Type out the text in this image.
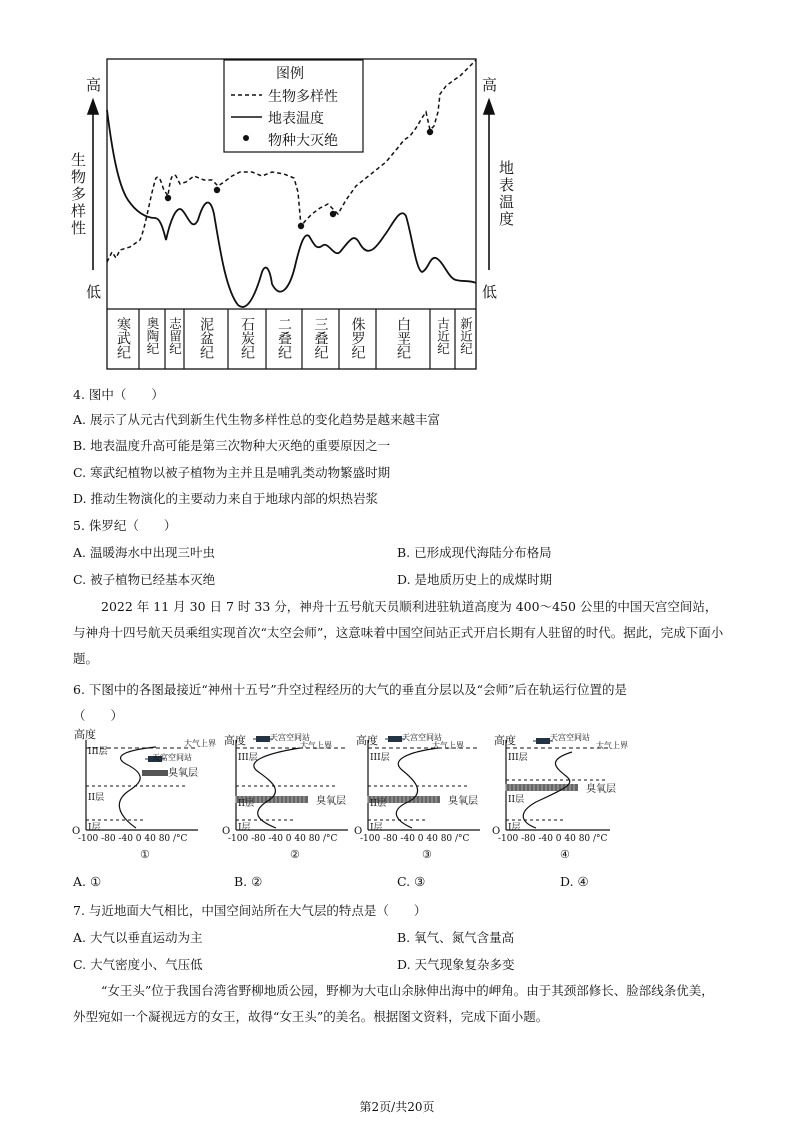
高
生物多样性
低
高
地表温度
低
图例
生物多样性
地表温度
物种大灭绝
寒武纪	奥陶纪 志留纪	泥盆纪	石炭纪	二叠纪	三叠纪	侏罗纪	白垩纪	古近纪 新近纪
4. 图中（　　）
A. 展示了从元古代到新生代生物多样性总的变化趋势是越来越丰富
B. 地表温度升高可能是第三次物种大灭绝的重要原因之一
C. 寒武纪植物以被子植物为主并且是哺乳类动物繁盛时期
D. 推动生物演化的主要动力来自于地球内部的炽热岩浆
5. 侏罗纪（　　）
A. 温暖海水中出现三叶虫	B. 已形成现代海陆分布格局
C. 被子植物已经基本灭绝	D. 是地质历史上的成煤时期
2022 年 11 月 30 日 7 时 33 分，神舟十五号航天员顺利进驻轨道高度为 400～450 公里的中国天宫空间站，与神舟十四号航天员乘组实现首次“太空会师”，这意味着中国空间站正式开启长期有人驻留的时代。据此，完成下面小题。
6. 下图中的各图最接近“神州十五号”升空过程经历的大气的垂直分层以及“会师”后在轨运行位置的是
（　　）
高度
大气上界
天宫空间站
III层
II层
I层
臭氧层
O
-100 -80 -40 0 40 80 /°C
①
高度	大气上界
天宫空间站
III层
II层
I层
臭氧层
O
-100 -80 -40 0 40 80 /°C
②
高度	大气上界
天宫空间站
III层
II层
I层
臭氧层
O
-100 -80 -40 0 40 80 /°C
③
高度	大气上界
天宫空间站
III层
II层
I层
臭氧层
O
-100 -80 -40 0 40 80 /°C
④
A. ①	B. ②	C. ③	D. ④
7. 与近地面大气相比，中国空间站所在大气层的特点是（　　）
A. 大气以垂直运动为主	B. 氧气、氮气含量高
C. 大气密度小、气压低	D. 天气现象复杂多变
“女王头”位于我国台湾省野柳地质公园，野柳为大屯山余脉伸出海中的岬角。由于其颈部修长、脸部线条优美，外型宛如一个凝视远方的女王，故得“女王头”的美名。根据图文资料，完成下面小题。
第2页/共20页
